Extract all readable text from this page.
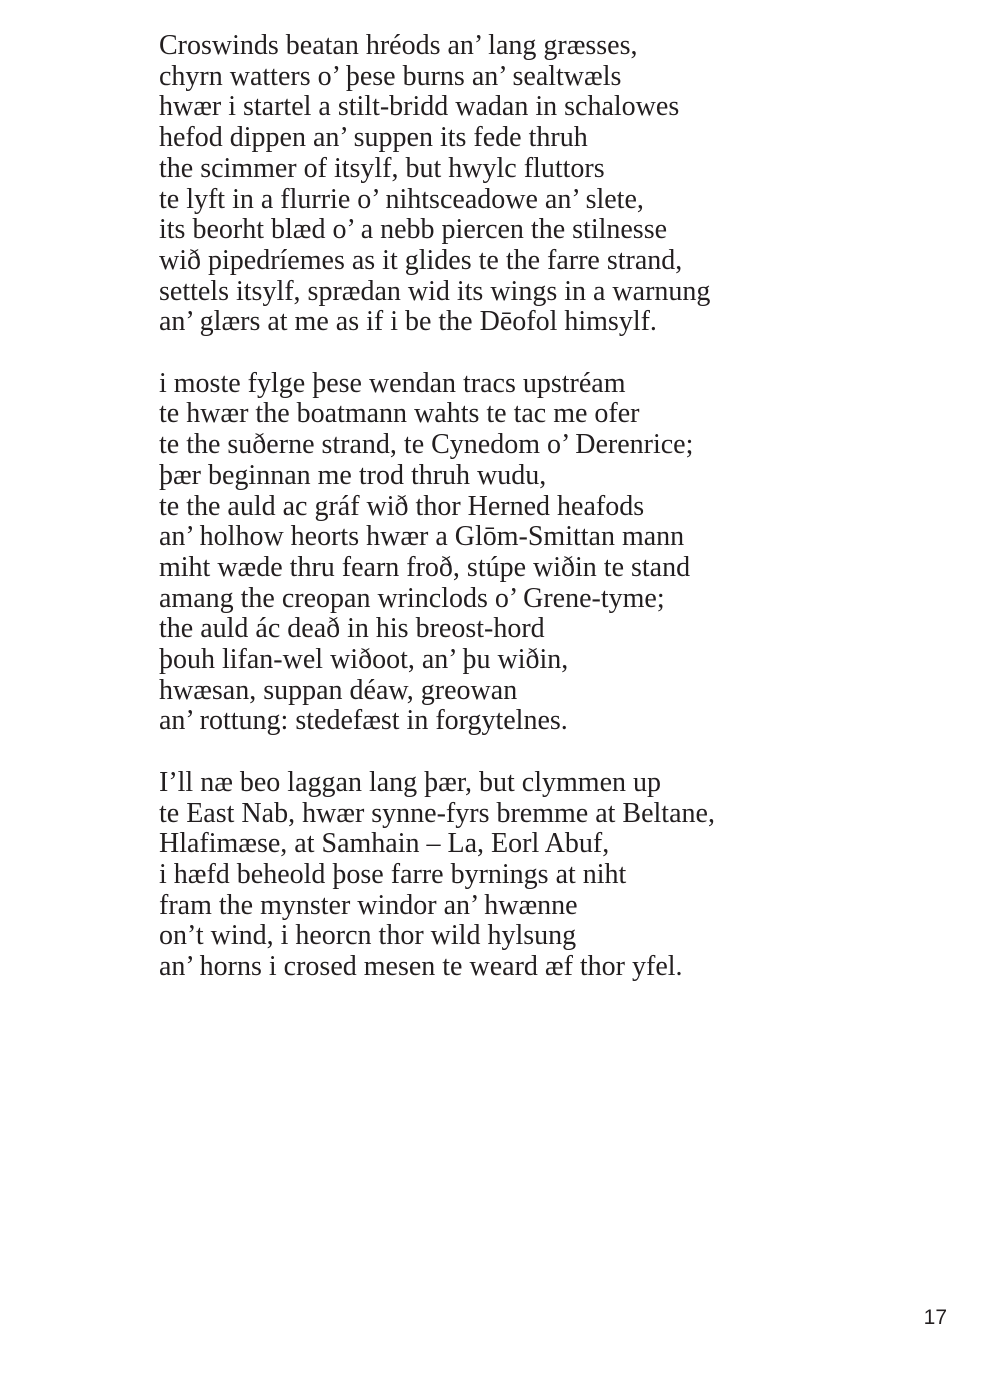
Croswinds beatan hréods an’ lang græsses,
chyrn watters o’ þese burns an’ sealtwæls
hwær i startel a stilt-bridd wadan in schalowes
hefod dippen an’ suppen its fede thruh
the scimmer of itsylf, but hwylc fluttors
te lyft in a flurrie o’ nihtsceadowe an’ slete,
its beorht blæd o’ a nebb piercen the stilnesse
wið pipedríemes as it glides te the farre strand,
settels itsylf, sprædan wid its wings in a warnung
an’ glærs at me as if i be the Dēofol himsylf.
i moste fylge þese wendan tracs upstréam
te hwær the boatmann wahts te tac me ofer
te the suðerne strand, te Cynedom o’ Derenrice;
þær beginnan me trod thruh wudu,
te the auld ac gráf wið thor Herned heafods
an’ holhow heorts hwær a Glōm-Smittan mann
miht wæde thru fearn froð, stúpe wiðin te stand
amang the creopan wrinclods o’ Grene-tyme;
the auld ác deað in his breost-hord
þouh lifan-wel wiðoot, an’ þu wiðin,
hwæsan, suppan déaw, greowan
an’ rottung: stedefæst in forgytelnes.
I’ll næ beo laggan lang þær, but clymmen up
te East Nab, hwær synne-fyrs bremme at Beltane,
Hlafimæse, at Samhain – La, Eorl Abuf,
i hæfd beheold þose farre byrnings at niht
fram the mynster windor an’ hwænne
on’t wind, i heorcn thor wild hylsung
an’ horns i crosed mesen te weard æf thor yfel.
17
